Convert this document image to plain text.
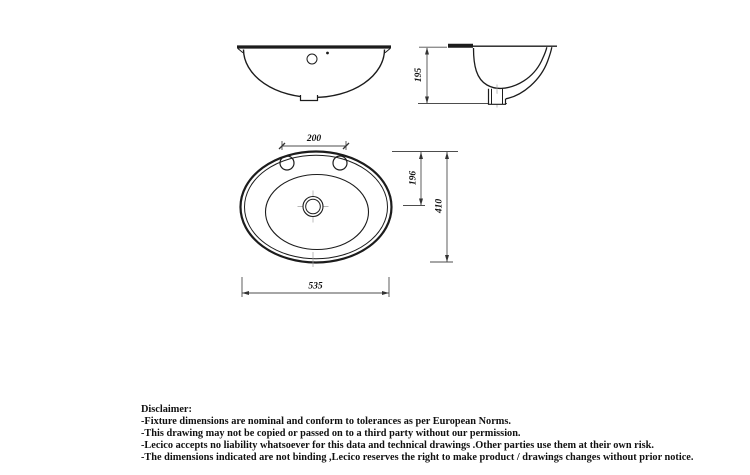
195
200
196
410
535
Disclaimer:
-Fixture dimensions are nominal and conform to tolerances as per European Norms.
-This drawing may not be copied or passed on to a third party without our permission.
-Lecico accepts no liability whatsoever for this data and technical drawings .Other parties use them at their own risk.
-The dimensions indicated are not binding ,Lecico reserves the right to make product / drawings changes without prior notice.
